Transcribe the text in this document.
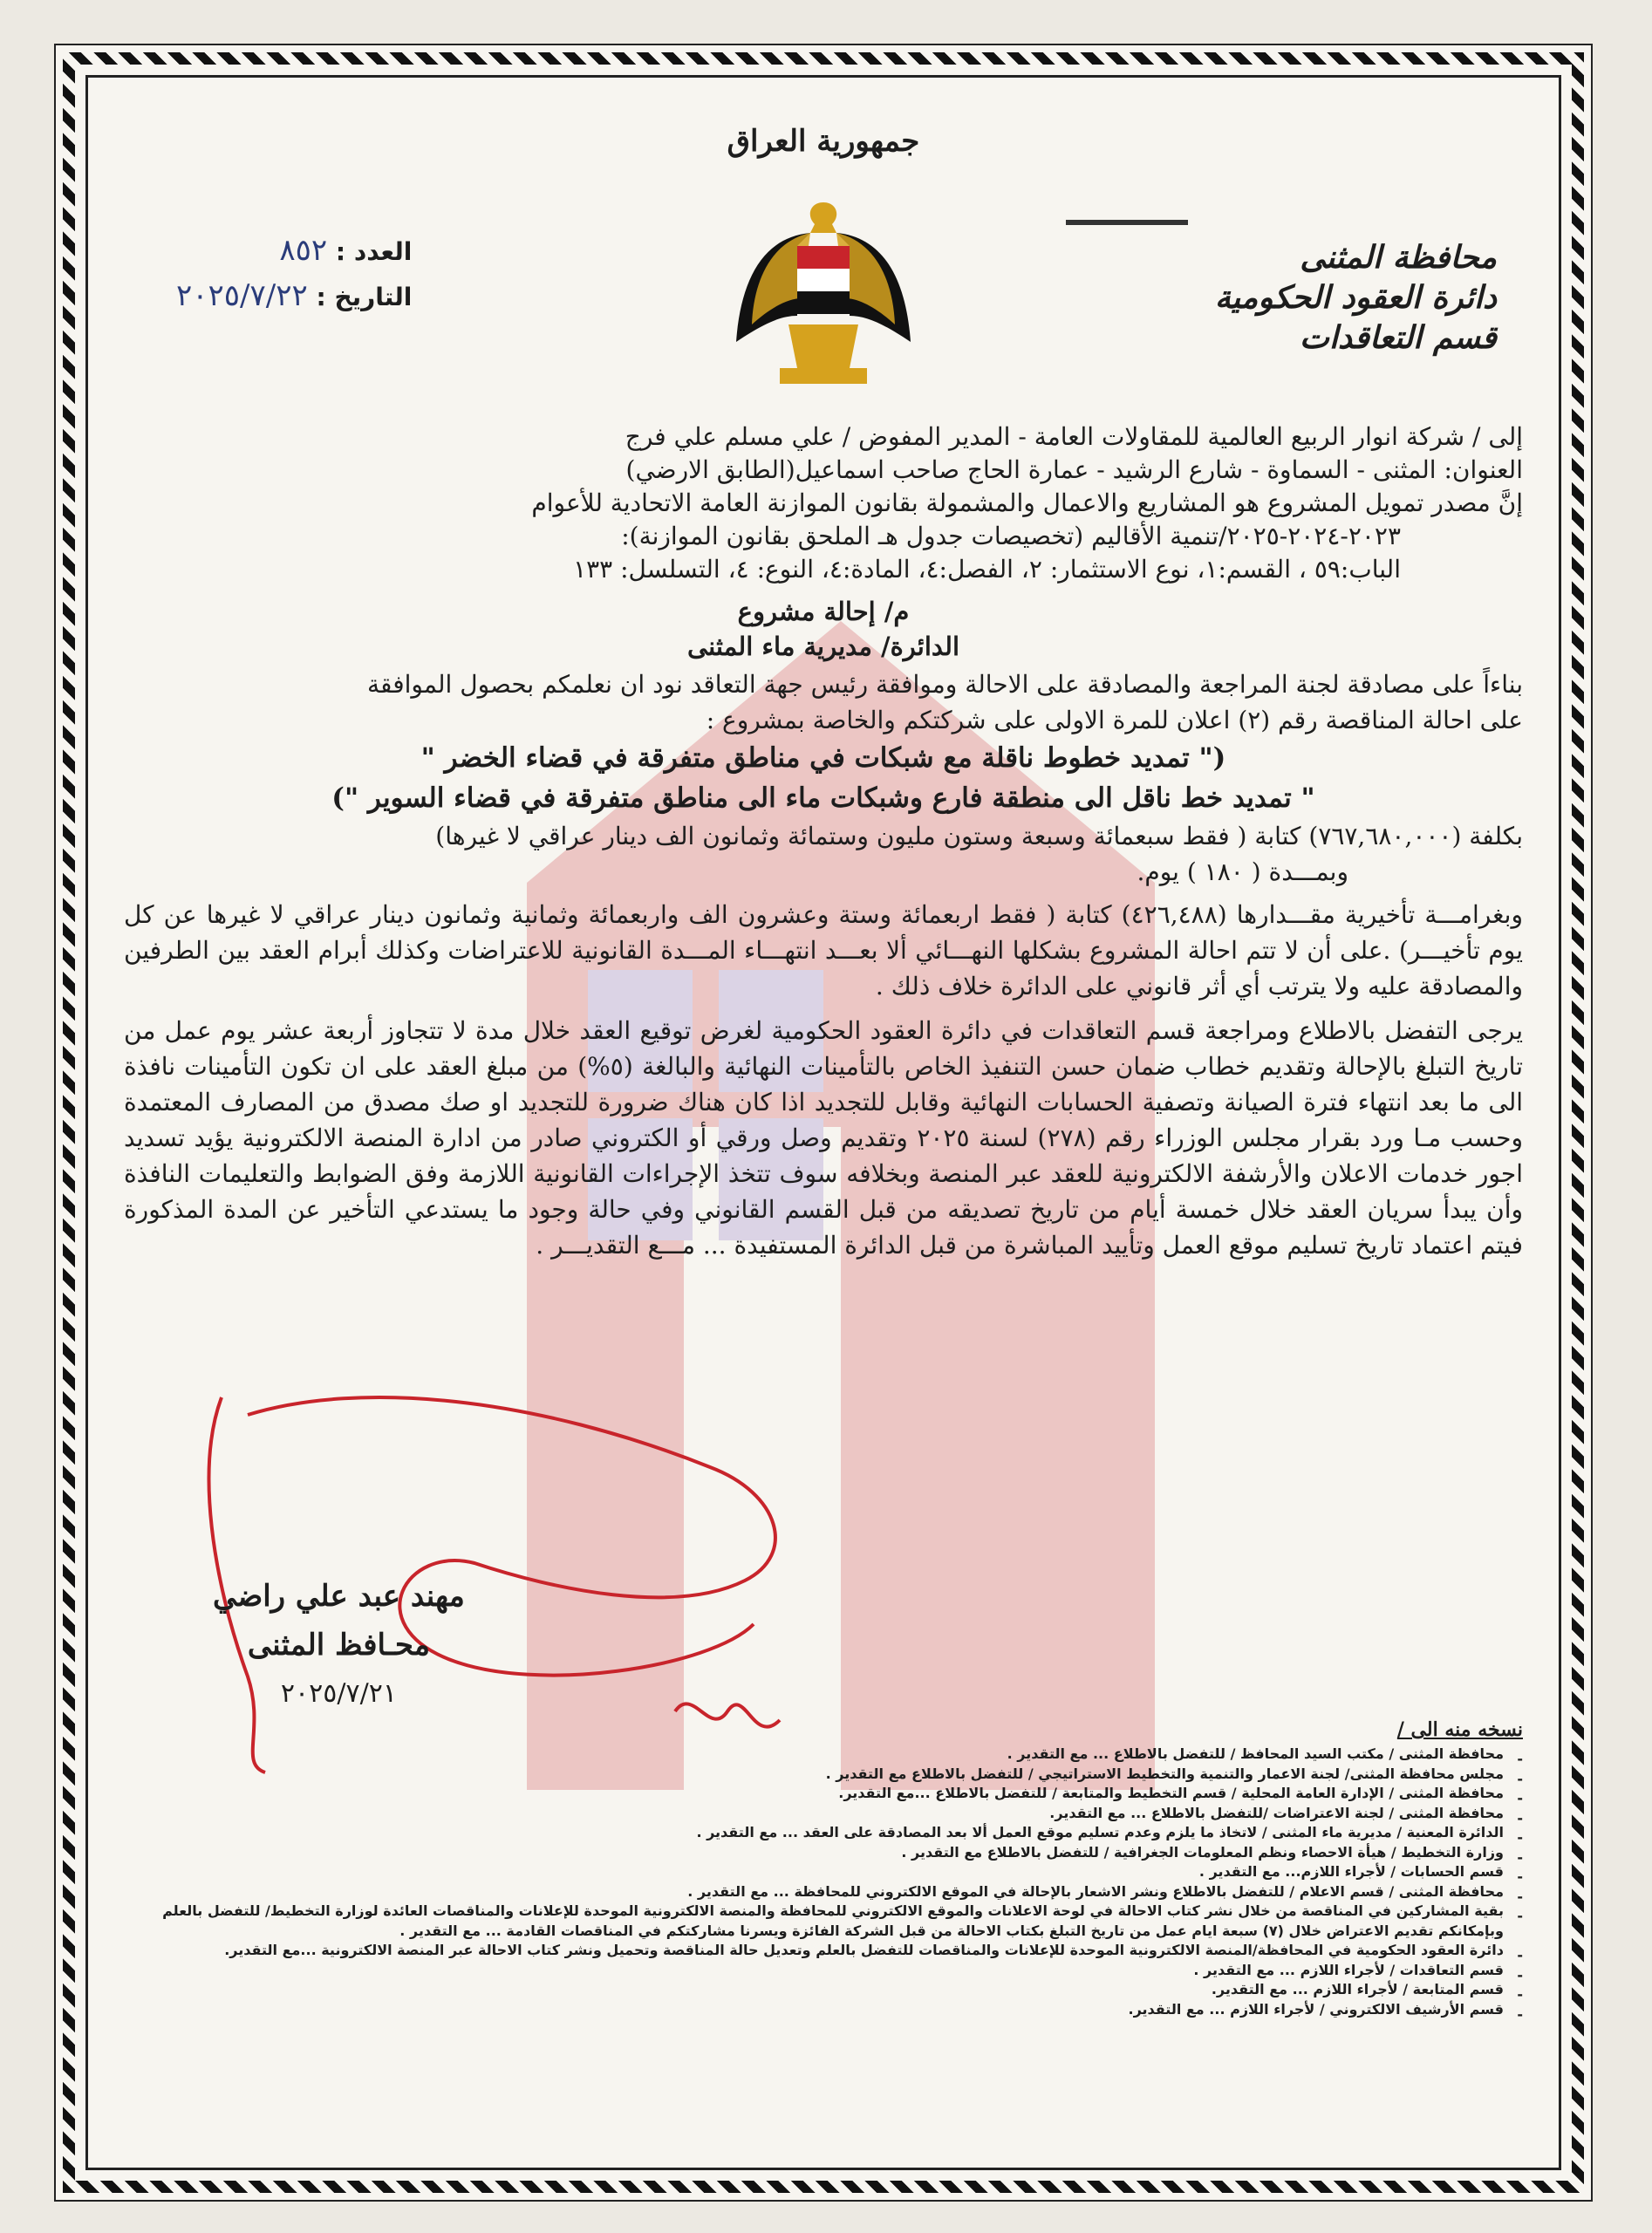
جمهورية العراق
محافظة المثنى
دائرة العقود الحكومية
قسم التعاقدات
العدد : ٨٥٢
التاريخ : ٢٠٢٥/٧/٢٢

إلى / شركة انوار الربيع العالمية للمقاولات العامة - المدير المفوض / علي مسلم علي فرج

العنوان: المثنى - السماوة - شارع الرشيد - عمارة الحاج صاحب اسماعيل(الطابق الارضي)

إنَّ مصدر تمويل المشروع هو المشاريع والاعمال والمشمولة بقانون الموازنة العامة الاتحادية للأعوام

٢٠٢٣-٢٠٢٤-٢٠٢٥/تنمية الأقاليم (تخصيصات جدول هـ الملحق بقانون الموازنة):

الباب:٥٩ ، القسم:١، نوع الاستثمار: ٢، الفصل:٤، المادة:٤، النوع: ٤، التسلسل: ١٣٣

م/ إحالة مشروع
الدائرة/ مديرية ماء المثنى

بناءاً على مصادقة لجنة المراجعة والمصادقة على الاحالة وموافقة رئيس جهة التعاقد نود ان نعلمكم بحصول الموافقة

على احالة المناقصة رقم (٢) اعلان للمرة الاولى على شركتكم والخاصة بمشروع :

(" تمديد خطوط ناقلة مع شبكات في مناطق متفرقة في قضاء الخضر "
" تمديد خط ناقل الى منطقة فارع وشبكات ماء الى مناطق متفرقة في قضاء السوير ")

بكلفة (٧٦٧,٦٨٠,٠٠٠) كتابة ( فقط سبعمائة وسبعة وستون مليون وستمائة وثمانون الف دينار عراقي لا غيرها)

وبمـــدة ( ١٨٠ ) يوم.

وبغرامـــة تأخيرية مقـــدارها (٤٢٦,٤٨٨) كتابة ( فقط اربعمائة وستة وعشرون الف واربعمائة وثمانية وثمانون دينار عراقي لا غيرها عن كل يوم تأخيـــر) .على أن لا تتم احالة المشروع بشكلها النهـــائي ألا بعـــد انتهـــاء المـــدة القانونية للاعتراضات وكذلك أبرام العقد بين الطرفين والمصادقة عليه ولا يترتب أي أثر قانوني على الدائرة خلاف ذلك .

يرجى التفضل بالاطلاع ومراجعة قسم التعاقدات في دائرة العقود الحكومية لغرض توقيع العقد خلال مدة لا تتجاوز أربعة عشر يوم عمل من تاريخ التبلغ بالإحالة وتقديم خطاب ضمان حسن التنفيذ الخاص بالتأمينات النهائية والبالغة (٥%) من مبلغ العقد على ان تكون التأمينات نافذة الى ما بعد انتهاء فترة الصيانة وتصفية الحسابات النهائية وقابل للتجديد اذا كان هناك ضرورة للتجديد او صك مصدق من المصارف المعتمدة وحسب مـا ورد بقرار مجلس الوزراء رقم (٢٧٨) لسنة ٢٠٢٥ وتقديم وصل ورقي أو الكتروني صادر من ادارة المنصة الالكترونية يؤيد تسديد اجور خدمات الاعلان والأرشفة الالكترونية للعقد عبر المنصة وبخلافه سوف تتخذ الإجراءات القانونية اللازمة وفق الضوابط والتعليمات النافذة وأن يبدأ سريان العقد خلال خمسة أيام من تاريخ تصديقه من قبل القسم القانوني وفي حالة وجود ما يستدعي التأخير عن المدة المذكورة فيتم اعتماد تاريخ تسليم موقع العمل وتأييد المباشرة من قبل الدائرة المستفيدة ... مـــع التقديـــر .

مهند عبد علي راضي
محـافظ المثنى
٢٠٢٥/٧/٢١
نسخه منه الى /
- محافظة المثنى / مكتب السيد المحافظ / للتفضل بالاطلاع ... مع التقدير .
- مجلس محافظة المثنى/ لجنة الاعمار والتنمية والتخطيط الاستراتيجي / للتفضل بالاطلاع مع التقدير .
- محافظة المثنى / الإدارة العامة المحلية / قسم التخطيط والمتابعة / للتفضل بالاطلاع ...مع التقدير.
- محافظة المثنى / لجنة الاعتراضات /للتفضل بالاطلاع ... مع التقدير.
- الدائرة المعنية / مديرية ماء المثنى / لاتخاذ ما يلزم وعدم تسليم موقع العمل ألا بعد المصادقة على العقد ... مع التقدير .
- وزارة التخطيط / هيأة الاحصاء ونظم المعلومات الجغرافية / للتفضل بالاطلاع مع التقدير .
- قسم الحسابات / لأجراء اللازم... مع التقدير .
- محافظة المثنى / قسم الاعلام / للتفضل بالاطلاع ونشر الاشعار بالإحالة في الموقع الالكتروني للمحافظة ... مع التقدير .
- بقية المشاركين في المناقصة من خلال نشر كتاب الاحالة في لوحة الاعلانات والموقع الالكتروني للمحافظة والمنصة الالكترونية الموحدة للإعلانات والمناقصات العائدة لوزارة التخطيط/ للتفضل بالعلم وبإمكانكم تقديم الاعتراض خلال (٧) سبعة ايام عمل من تاريخ التبلغ بكتاب الاحالة من قبل الشركة الفائزة ويسرنا مشاركتكم في المناقصات القادمة ... مع التقدير .
- دائرة العقود الحكومية في المحافظة/المنصة الالكترونية الموحدة للإعلانات والمناقصات للتفضل بالعلم وتعديل حالة المناقصة وتحميل ونشر كتاب الاحالة عبر المنصة الالكترونية ...مع التقدير.
- قسم التعاقدات / لأجراء اللازم ... مع التقدير .
- قسم المتابعة / لأجراء اللازم ... مع التقدير.
- قسم الأرشيف الالكتروني / لأجراء اللازم ... مع التقدير.
